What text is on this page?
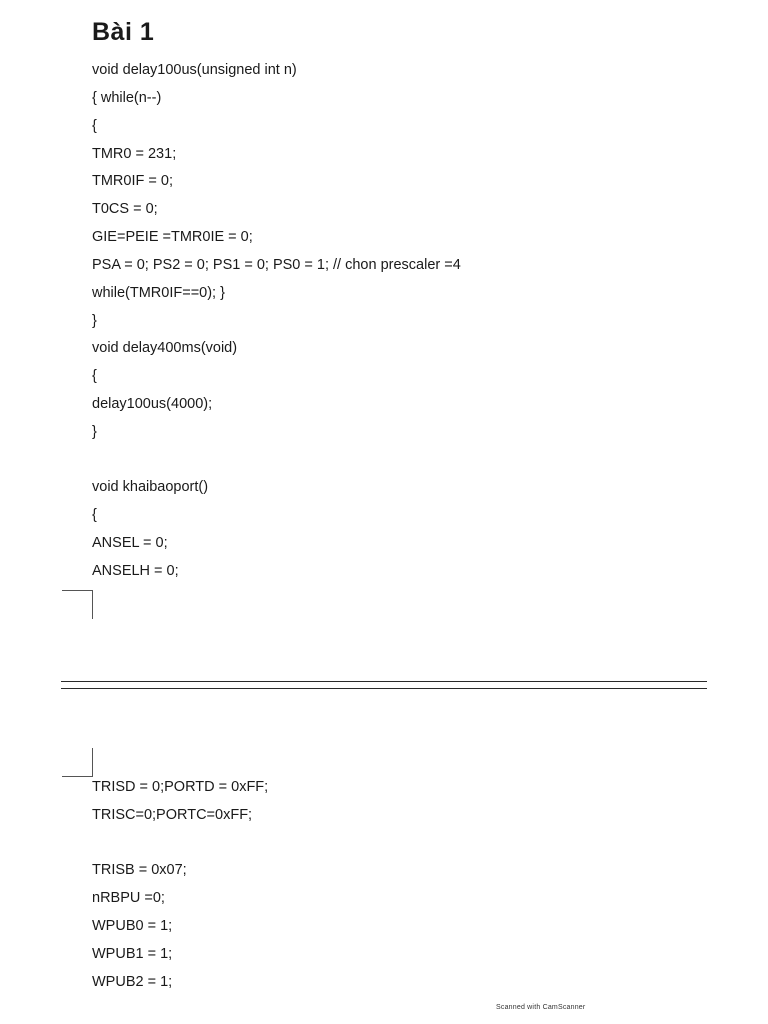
Bài 1

void delay100us(unsigned int n)

{ while(n--)

{

TMR0 = 231;

TMR0IF = 0;

T0CS = 0;

GIE=PEIE =TMR0IE = 0;

PSA = 0; PS2 = 0; PS1 = 0; PS0 = 1; // chon prescaler =4

while(TMR0IF==0); }

}

void delay400ms(void)

{

delay100us(4000);

}

void khaibaoport()

{

ANSEL = 0;

ANSELH = 0;

TRISD = 0;PORTD = 0xFF;

TRISC=0;PORTC=0xFF;

TRISB = 0x07;

nRBPU =0;

WPUB0 = 1;

WPUB1 = 1;

WPUB2 = 1;

Scanned with CamScanner
